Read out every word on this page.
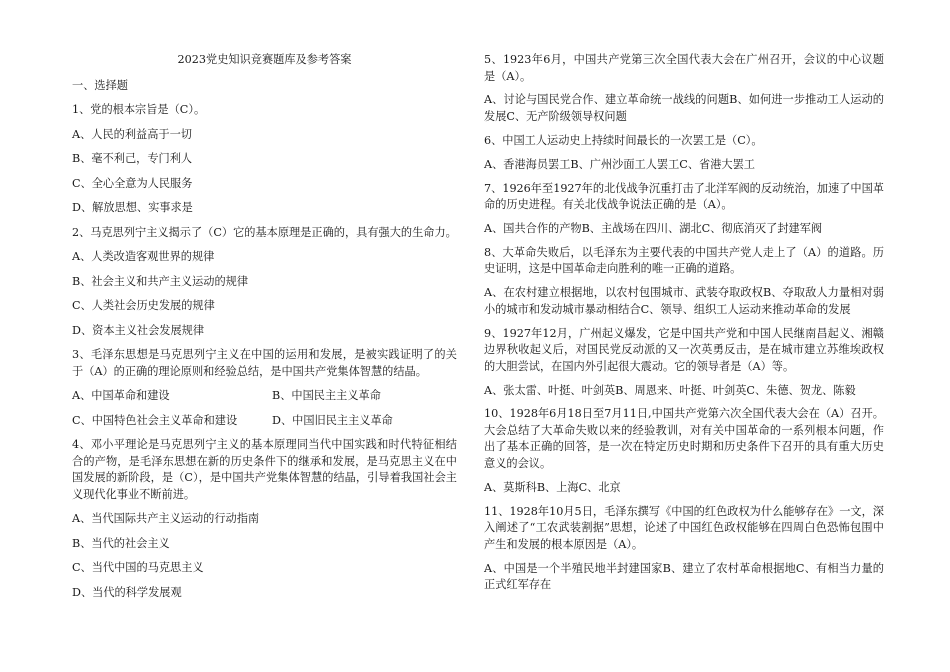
2023党史知识竞赛题库及参考答案
一、选择题
1、党的根本宗旨是（C）。
A、人民的利益高于一切
B、毫不利己，专门利人
C、全心全意为人民服务
D、解放思想、实事求是
2、马克思列宁主义揭示了（C）它的基本原理是正确的，具有强大的生命力。
A、人类改造客观世界的规律
B、社会主义和共产主义运动的规律
C、人类社会历史发展的规律
D、资本主义社会发展规律
3、毛泽东思想是马克思列宁主义在中国的运用和发展，是被实践证明了的关于（A）的正确的理论原则和经验总结，是中国共产党集体智慧的结晶。
A、中国革命和建设	B、中国民主主义革命
C、中国特色社会主义革命和建设	D、中国旧民主主义革命
4、邓小平理论是马克思列宁主义的基本原理同当代中国实践和时代特征相结合的产物，是毛泽东思想在新的历史条件下的继承和发展，是马克思主义在中国发展的新阶段，是（C），是中国共产党集体智慧的结晶，引导着我国社会主义现代化事业不断前进。
A、当代国际共产主义运动的行动指南
B、当代的社会主义
C、当代中国的马克思主义
D、当代的科学发展观
5、1923年6月，中国共产党第三次全国代表大会在广州召开，会议的中心议题是（A）。
A、讨论与国民党合作、建立革命统一战线的问题B、如何进一步推动工人运动的发展C、无产阶级领导权问题
6、中国工人运动史上持续时间最长的一次罢工是（C）。
A、香港海员罢工B、广州沙面工人罢工C、省港大罢工
7、1926年至1927年的北伐战争沉重打击了北洋军阀的反动统治，加速了中国革命的历史进程。有关北伐战争说法正确的是（A）。
A、国共合作的产物B、主战场在四川、湖北C、彻底消灭了封建军阀
8、大革命失败后，以毛泽东为主要代表的中国共产党人走上了（A）的道路。历史证明，这是中国革命走向胜利的唯一正确的道路。
A、在农村建立根据地，以农村包围城市、武装夺取政权B、夺取敌人力量相对弱小的城市和发动城市暴动相结合C、领导、组织工人运动来推动革命的发展
9、1927年12月，广州起义爆发，它是中国共产党和中国人民继南昌起义、湘赣边界秋收起义后，对国民党反动派的又一次英勇反击，是在城市建立苏维埃政权的大胆尝试，在国内外引起很大震动。它的领导者是（A）等。
A、张太雷、叶挺、叶剑英B、周恩来、叶挺、叶剑英C、朱德、贺龙、陈毅
10、1928年6月18日至7月11日,中国共产党第六次全国代表大会在（A）召开。大会总结了大革命失败以来的经验教训，对有关中国革命的一系列根本问题，作出了基本正确的回答，是一次在特定历史时期和历史条件下召开的具有重大历史意义的会议。
A、莫斯科B、上海C、北京
11、1928年10月5日，毛泽东撰写《中国的红色政权为什么能够存在》一文，深入阐述了“工农武装割据”思想，论述了中国红色政权能够在四周白色恐怖包围中产生和发展的根本原因是（A）。
A、中国是一个半殖民地半封建国家B、建立了农村革命根据地C、有相当力量的正式红军存在
